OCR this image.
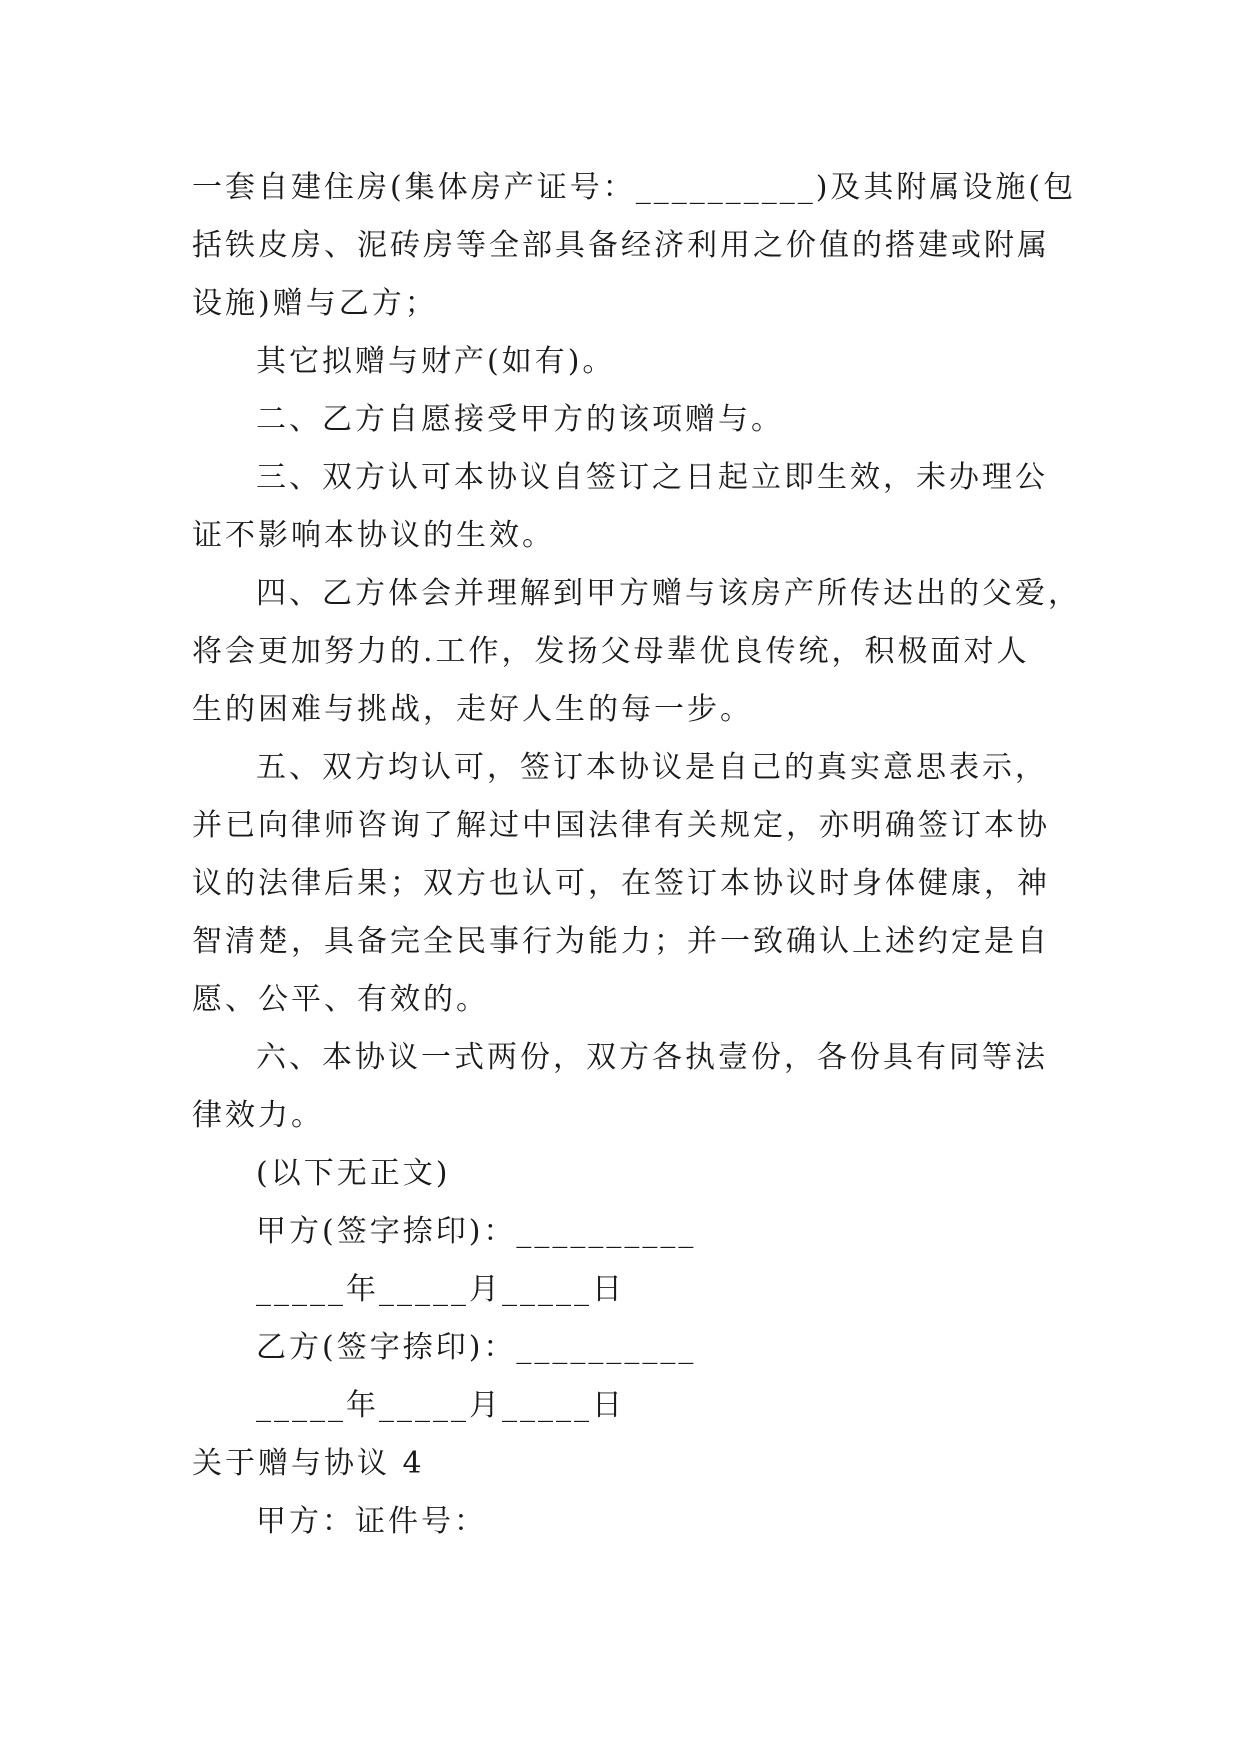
一套自建住房(集体房产证号：__________)及其附属设施(包
括铁皮房、泥砖房等全部具备经济利用之价值的搭建或附属
设施)赠与乙方；
其它拟赠与财产(如有)。
二、乙方自愿接受甲方的该项赠与。
三、双方认可本协议自签订之日起立即生效，未办理公
证不影响本协议的生效。
四、乙方体会并理解到甲方赠与该房产所传达出的父爱，
将会更加努力的.工作，发扬父母辈优良传统，积极面对人
生的困难与挑战，走好人生的每一步。
五、双方均认可，签订本协议是自己的真实意思表示，
并已向律师咨询了解过中国法律有关规定，亦明确签订本协
议的法律后果；双方也认可，在签订本协议时身体健康，神
智清楚，具备完全民事行为能力；并一致确认上述约定是自
愿、公平、有效的。
六、本协议一式两份，双方各执壹份，各份具有同等法
律效力。
(以下无正文)
甲方(签字捺印)：__________
_____年_____月_____日
乙方(签字捺印)：__________
_____年_____月_____日
关于赠与协议 4
甲方：证件号：
